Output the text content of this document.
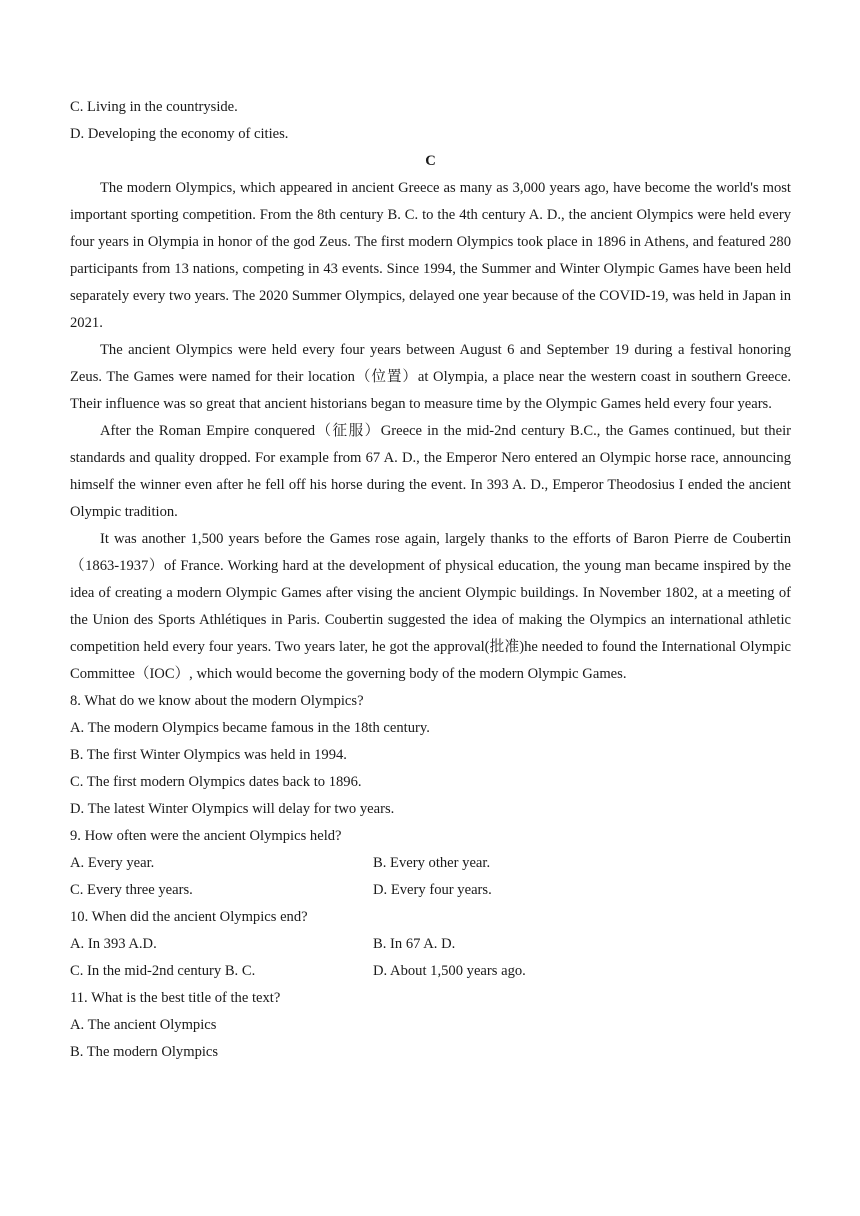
C. Living in the countryside.
D. Developing the economy of cities.
C

The modern Olympics, which appeared in ancient Greece as many as 3,000 years ago, have become the world's most important sporting competition. From the 8th century B. C. to the 4th century A. D., the ancient Olympics were held every four years in Olympia in honor of the god Zeus. The first modern Olympics took place in 1896 in Athens, and featured 280 participants from 13 nations, competing in 43 events. Since 1994, the Summer and Winter Olympic Games have been held separately every two years. The 2020 Summer Olympics, delayed one year because of the COVID-19, was held in Japan in 2021.

The ancient Olympics were held every four years between August 6 and September 19 during a festival honoring Zeus. The Games were named for their location（位置）at Olympia, a place near the western coast in southern Greece. Their influence was so great that ancient historians began to measure time by the Olympic Games held every four years.

After the Roman Empire conquered（征服）Greece in the mid-2nd century B.C., the Games continued, but their standards and quality dropped. For example from 67 A. D., the Emperor Nero entered an Olympic horse race, announcing himself the winner even after he fell off his horse during the event. In 393 A. D., Emperor Theodosius I ended the ancient Olympic tradition.

It was another 1,500 years before the Games rose again, largely thanks to the efforts of Baron Pierre de Coubertin（1863-1937）of France. Working hard at the development of physical education, the young man became inspired by the idea of creating a modern Olympic Games after vising the ancient Olympic buildings. In November 1802, at a meeting of the Union des Sports Athlétiques in Paris. Coubertin suggested the idea of making the Olympics an international athletic competition held every four years. Two years later, he got the approval(批准)he needed to found the International Olympic Committee（IOC）, which would become the governing body of the modern Olympic Games.

8. What do we know about the modern Olympics?
A. The modern Olympics became famous in the 18th century.
B. The first Winter Olympics was held in 1994.
C. The first modern Olympics dates back to 1896.
D. The latest Winter Olympics will delay for two years.
9. How often were the ancient Olympics held?
A. Every year.	B. Every other year.
C. Every three years.	D. Every four years.
10. When did the ancient Olympics end?
A. In 393 A.D.	B. In 67 A. D.
C. In the mid-2nd century B. C.	D. About 1,500 years ago.
11. What is the best title of the text?
A. The ancient Olympics
B. The modern Olympics
